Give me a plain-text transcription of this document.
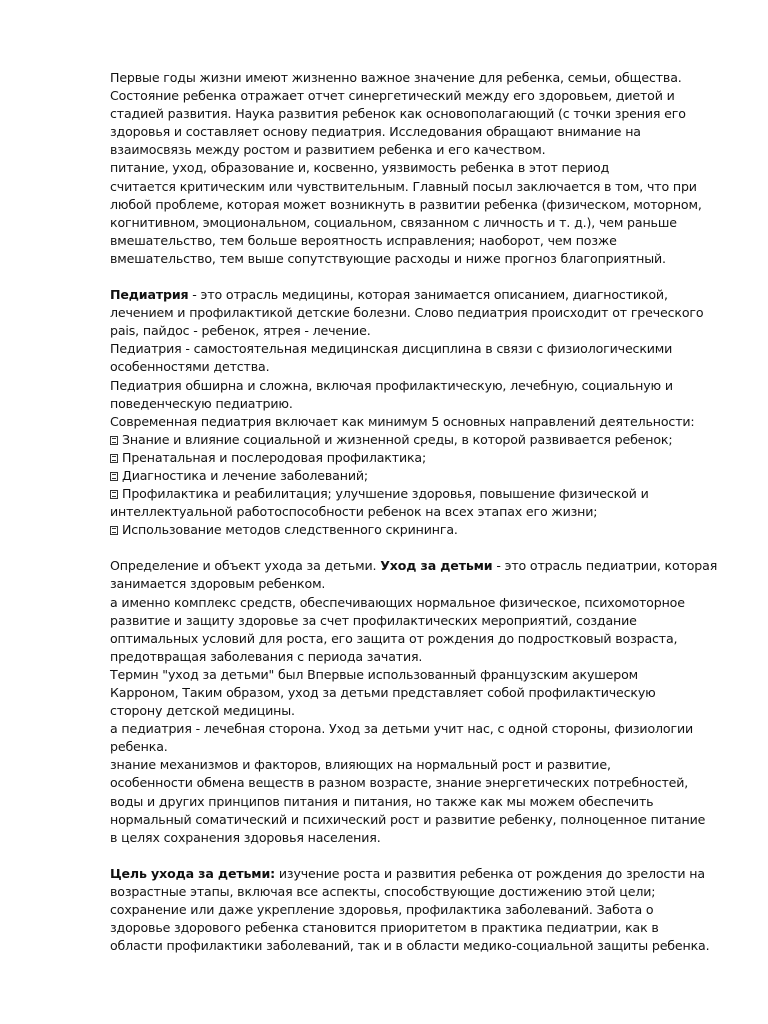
Первые годы жизни имеют жизненно важное значение для ребенка, семьи, общества.
Состояние ребенка отражает отчет синергетический между его здоровьем, диетой и
стадией развития. Наука развития ребенок как основополагающий (с точки зрения его
здоровья и составляет основу педиатрия. Исследования обращают внимание на
взаимосвязь между ростом и развитием ребенка и его качеством.
питание, уход, образование и, косвенно, уязвимость ребенка в этот период
считается критическим или чувствительным. Главный посыл заключается в том, что при
любой проблеме, которая может возникнуть в развитии ребенка (физическом, моторном,
когнитивном, эмоциональном, социальном, связанном с личность и т. д.), чем раньше
вмешательство, тем больше вероятность исправления; наоборот, чем позже
вмешательство, тем выше сопутствующие расходы и ниже прогноз благоприятный.
Педиатрия - это отрасль медицины, которая занимается описанием, диагностикой,
лечением и профилактикой детские болезни. Слово педиатрия происходит от греческого
pais, пайдос - ребенок, ятрея - лечение.
Педиатрия - самостоятельная медицинская дисциплина в связи с физиологическими
особенностями детства.
Педиатрия обширна и сложна, включая профилактическую, лечебную, социальную и
поведенческую педиатрию.
Современная педиатрия включает как минимум 5 основных направлений деятельности:
Знание и влияние социальной и жизненной среды, в которой развивается ребенок;
Пренатальная и послеродовая профилактика;
Диагностика и лечение заболеваний;
Профилактика и реабилитация; улучшение здоровья, повышение физической и
интеллектуальной работоспособности ребенок на всех этапах его жизни;
Использование методов следственного скрининга.
Определение и объект ухода за детьми. Уход за детьми - это отрасль педиатрии, которая
занимается здоровым ребенком.
а именно комплекс средств, обеспечивающих нормальное физическое, психомоторное
развитие и защиту здоровье за счет профилактических мероприятий, создание
оптимальных условий для роста, его защита от рождения до подростковый возраста,
предотвращая заболевания с периода зачатия.
Термин "уход за детьми" был Впервые использованный французским акушером
Карроном, Таким образом, уход за детьми представляет собой профилактическую
сторону детской медицины.
а педиатрия - лечебная сторона. Уход за детьми учит нас, с одной стороны, физиологии
ребенка.
знание механизмов и факторов, влияющих на нормальный рост и развитие,
особенности обмена веществ в разном возрасте, знание энергетических потребностей,
воды и других принципов питания и питания, но также как мы можем обеспечить
нормальный соматический и психический рост и развитие ребенку, полноценное питание
в целях сохранения здоровья населения.
Цель ухода за детьми: изучение роста и развития ребенка от рождения до зрелости на
возрастные этапы, включая все аспекты, способствующие достижению этой цели;
сохранение или даже укрепление здоровья, профилактика заболеваний. Забота о
здоровье здорового ребенка становится приоритетом в практика педиатрии, как в
области профилактики заболеваний, так и в области медико-социальной защиты ребенка.
